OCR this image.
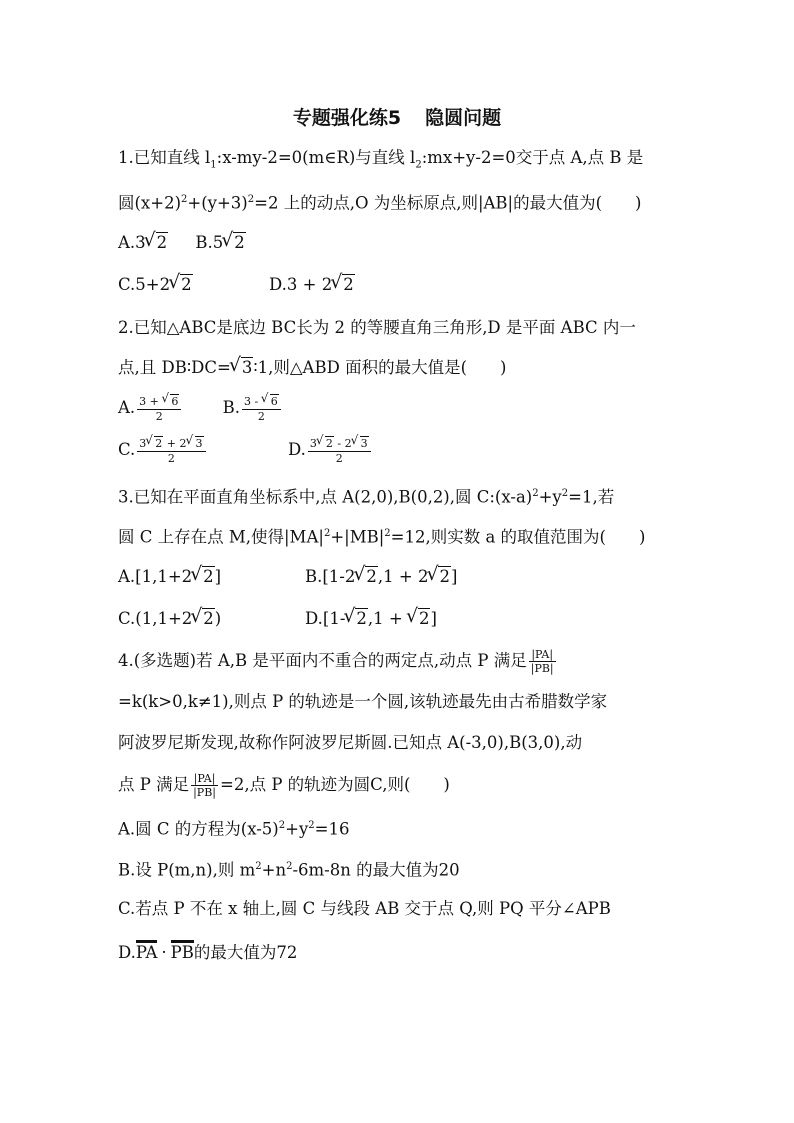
专题强化练5 隐圆问题
1.已知直线 $l_1:x-my-2=0(m\in R)$与直线 $l_2:mx+y-2=0$交于点 A,点 B 是
圆$(x+2)^2+(y+3)^2=2$ 上的动点,O 为坐标原点,则|AB|的最大值为(　　)
A.3 √ 2 B.5 √ 2
C.5+2 √ 2	D.3 + 2 √ 2
2.已知△ABC是底边 BC长为 2 的等腰直角三角形,D 是平面 ABC 内一
点,且 DB∶DC= √ 3∶1,则△ABD 面积的最大值是(　　)
A. $\frac{3 + √ 6}{2}$	B. $\frac{3 - √ 6}{2}$
C. $\frac{3 √ 2 + 2 √ 3}{2}$	D. $\frac{3 √ 2 - 2 √ 3}{2}$
3.已知在平面直角坐标系中,点 A(2,0),B(0,2),圆 $C:(x-a)^2+y^2=1$,若
圆 C 上存在点 M,使得$|MA|^2+|MB|^2=12$,则实数 a 的取值范围为(　　)
A.[1,1+2 √ 2]	B.[1-2 √ 2,1 + 2 √ 2]
C.(1,1+2 √ 2)	D.[1- √ 2,1 + √ 2]
4.(多选题)若 A,B 是平面内不重合的两定点,动点 P 满足 $\frac{|PA|}{|PB|}$
=k(k>0,k≠1),则点 P 的轨迹是一个圆,该轨迹最先由古希腊数学家
阿波罗尼斯发现,故称作阿波罗尼斯圆.已知点 A(-3,0),B(3,0),动
点 P 满足 $\frac{|PA|}{|PB|} =2$,点 P 的轨迹为圆C,则(　　)
A.圆 C 的方程为$(x-5)^2+y^2=16$
B.设 P(m,n),则 $m^2+n^2-6m-8n$ 的最大值为20
C.若点 P 不在 x 轴上,圆 C 与线段 AB 交于点 Q,则 PQ 平分∠APB
D.PA · PB的最大值为72
